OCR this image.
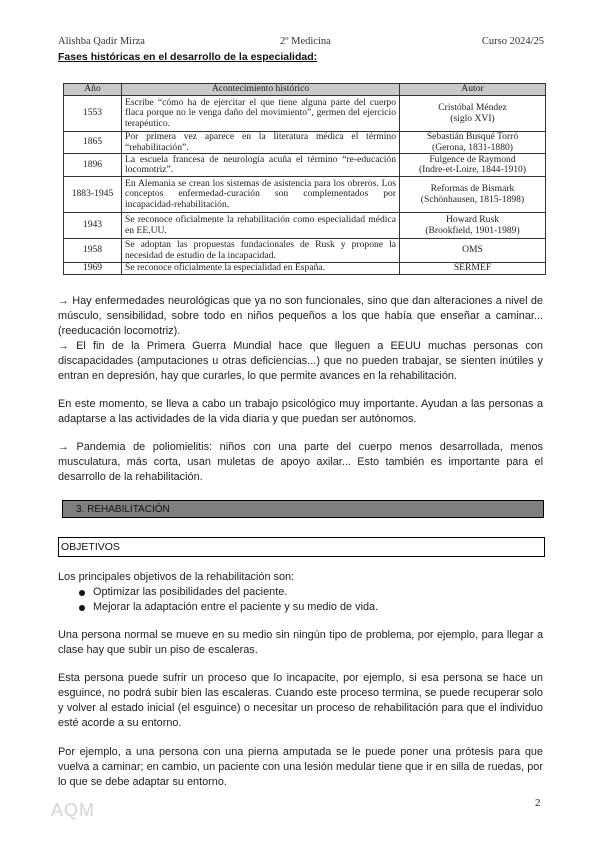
Alishba Qadir Mirza	2º Medicina	Curso 2024/25
Fases históricas en el desarrollo de la especialidad:
Año	Acontecimiento histórico	Autor
1553	Escribe “cómo ha de ejercitar el que tiene alguna parte del cuerpo flaca porque no le venga daño del movimiento”, germen del ejercicio terapéutico.	Cristóbal Méndez
(siglo XVI)
1865	Por primera vez aparece en la literatura médica el término “rehabilitación”.	Sebastián Busqué Torró
(Gerona, 1831-1880)
1896	La escuela francesa de neurología acuña el término “re-educación locomotriz”.	Fulgence de Raymond
(Indre-et-Loire, 1844-1910)
1883-1945	En Alemania se crean los sistemas de asistencia para los obreros. Los conceptos enfermedad-curación son complementados por incapacidad-rehabilitación.	Reformas de Bismark
(Schönhausen, 1815-1898)
1943	Se reconoce oficialmente la rehabilitación como especialidad médica en EE.UU.	Howard Rusk
(Brookfield, 1901-1989)
1958	Se adoptan las propuestas fundacionales de Rusk y propone la necesidad de estudio de la incapacidad.	OMS
1969	Se reconoce oficialmente la especialidad en España.	SERMEF
→ Hay enfermedades neurológicas que ya no son funcionales, sino que dan alteraciones a nivel de músculo, sensibilidad, sobre todo en niños pequeños a los que había que enseñar a caminar...(reeducación locomotriz).
→ El fin de la Primera Guerra Mundial hace que lleguen a EEUU muchas personas con discapacidades (amputaciones u otras deficiencias...) que no pueden trabajar, se sienten inútiles y entran en depresión, hay que curarles, lo que permite avances en la rehabilitación.
En este momento, se lleva a cabo un trabajo psicológico muy importante. Ayudan a las personas a adaptarse a las actividades de la vida diaria y que puedan ser autónomos.
→ Pandemia de poliomielitis: niños con una parte del cuerpo menos desarrollada, menos musculatura, más corta, usan muletas de apoyo axilar... Esto también es importante para el desarrollo de la rehabilitación.
3. REHABILITACIÓN
OBJETIVOS
Los principales objetivos de la rehabilitación son:
Optimizar las posibilidades del paciente.
Mejorar la adaptación entre el paciente y su medio de vida.
Una persona normal se mueve en su medio sin ningún tipo de problema, por ejemplo, para llegar a clase hay que subir un piso de escaleras.
Esta persona puede sufrir un proceso que lo incapacite, por ejemplo, si esa persona se hace un esguince, no podrá subir bien las escaleras. Cuando este proceso termina, se puede recuperar solo y volver al estado inicial (el esguince) o necesitar un proceso de rehabilitación para que el individuo esté acorde a su entorno.
Por ejemplo, a una persona con una pierna amputada se le puede poner una prótesis para que vuelva a caminar; en cambio, un paciente con una lesión medular tiene que ir en silla de ruedas, por lo que se debe adaptar su entorno.
AQM	2
